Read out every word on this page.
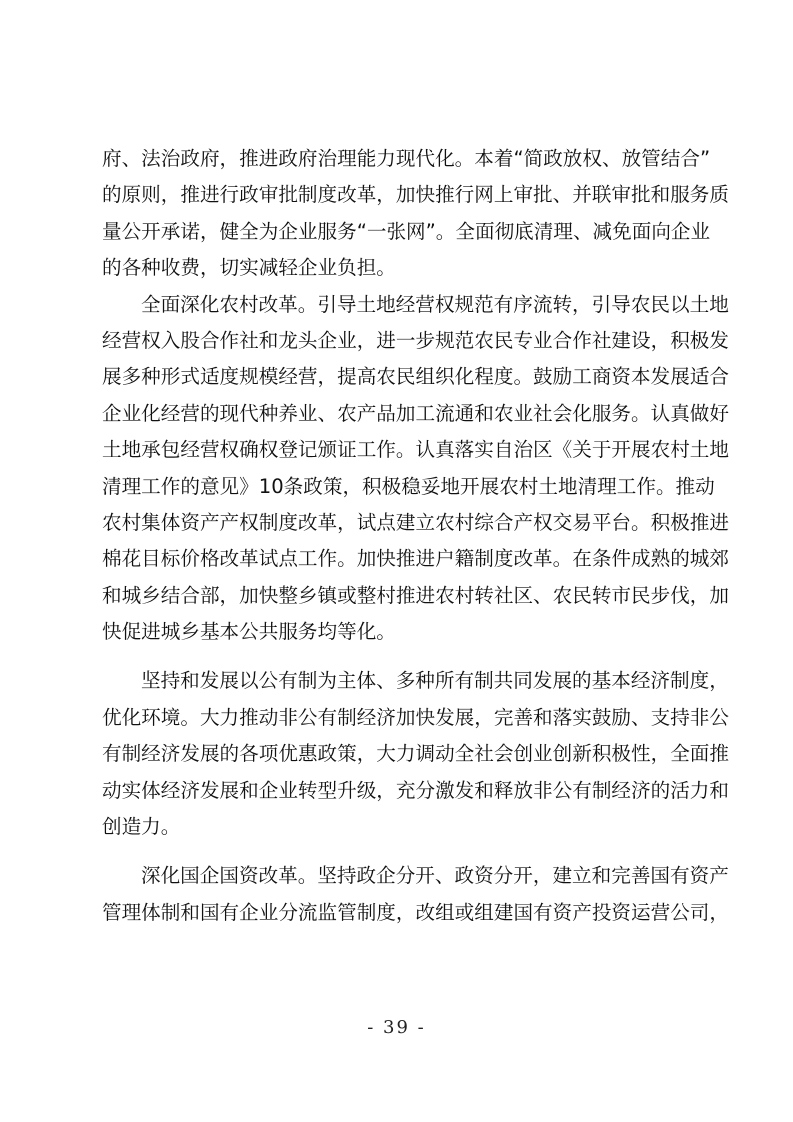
府、法治政府，推进政府治理能力现代化。本着“简政放权、放管结合”
的原则，推进行政审批制度改革，加快推行网上审批、并联审批和服务质
量公开承诺，健全为企业服务“一张网”。全面彻底清理、减免面向企业
的各种收费，切实减轻企业负担。
全面深化农村改革。引导土地经营权规范有序流转，引导农民以土地
经营权入股合作社和龙头企业，进一步规范农民专业合作社建设，积极发
展多种形式适度规模经营，提高农民组织化程度。鼓励工商资本发展适合
企业化经营的现代种养业、农产品加工流通和农业社会化服务。认真做好
土地承包经营权确权登记颁证工作。认真落实自治区《关于开展农村土地
清理工作的意见》10条政策，积极稳妥地开展农村土地清理工作。推动
农村集体资产产权制度改革，试点建立农村综合产权交易平台。积极推进
棉花目标价格改革试点工作。加快推进户籍制度改革。在条件成熟的城郊
和城乡结合部，加快整乡镇或整村推进农村转社区、农民转市民步伐，加
快促进城乡基本公共服务均等化。
坚持和发展以公有制为主体、多种所有制共同发展的基本经济制度，
优化环境。大力推动非公有制经济加快发展，完善和落实鼓励、支持非公
有制经济发展的各项优惠政策，大力调动全社会创业创新积极性，全面推
动实体经济发展和企业转型升级，充分激发和释放非公有制经济的活力和
创造力。
深化国企国资改革。坚持政企分开、政资分开，建立和完善国有资产
管理体制和国有企业分流监管制度，改组或组建国有资产投资运营公司，
- 39 -
